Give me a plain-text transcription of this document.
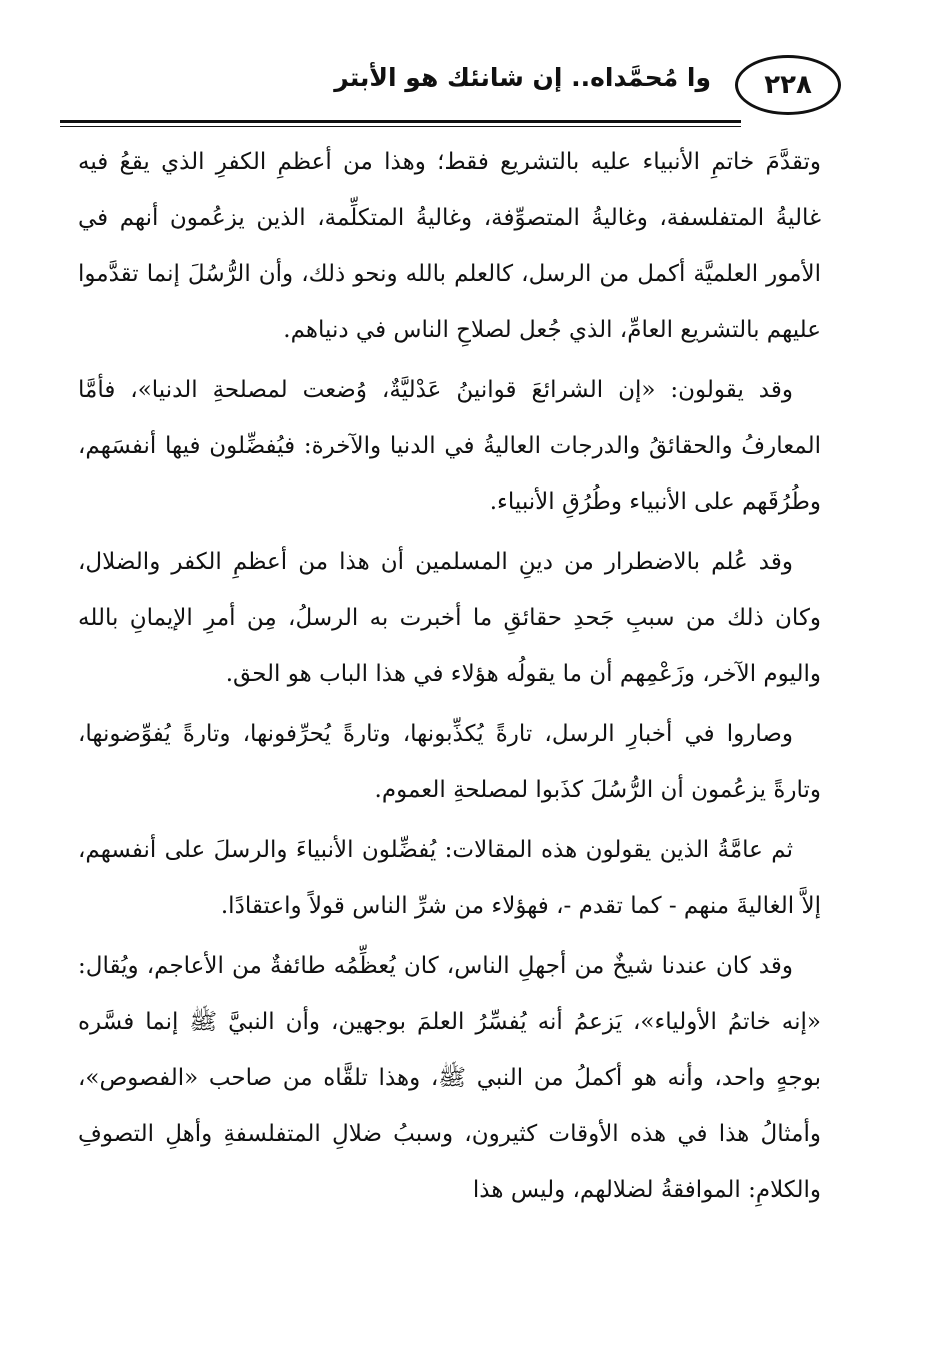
٢٢٨
وا مُحمَّداه.. إن شانئك هو الأبتر

وتقدَّمَ خاتمِ الأنبياء عليه بالتشريع فقط؛ وهذا من أعظمِ الكفرِ الذي يقعُ فيه غاليةُ المتفلسفة، وغاليةُ المتصوِّفة، وغاليةُ المتكلِّمة، الذين يزعُمون أنهم في الأمور العلميَّة أكمل من الرسل، كالعلم بالله ونحو ذلك، وأن الرُّسُلَ إنما تقدَّموا عليهم بالتشريع العامِّ، الذي جُعل لصلاحِ الناس في دنياهم.

وقد يقولون: «إن الشرائعَ قوانينُ عَدْليَّةٌ، وُضعت لمصلحةِ الدنيا»، فأمَّا المعارفُ والحقائقُ والدرجات العاليةُ في الدنيا والآخرة: فيُفضِّلون فيها أنفسَهم، وطُرُقَهم على الأنبياء وطُرُقِ الأنبياء.

وقد عُلم بالاضطرار من دينِ المسلمين أن هذا من أعظمِ الكفر والضلال، وكان ذلك من سببِ جَحدِ حقائقِ ما أخبرت به الرسلُ، مِن أمرِ الإيمانِ بالله واليوم الآخر، وزَعْمِهم أن ما يقولُه هؤلاء في هذا الباب هو الحق.

وصاروا في أخبارِ الرسل، تارةً يُكذِّبونها، وتارةً يُحرِّفونها، وتارةً يُفوِّضونها، وتارةً يزعُمون أن الرُّسُلَ كذَبوا لمصلحةِ العموم.

ثم عامَّةُ الذين يقولون هذه المقالات: يُفضِّلون الأنبياءَ والرسلَ على أنفسهم، إلاَّ الغاليةَ منهم - كما تقدم -، فهؤلاء من شرِّ الناس قولاً واعتقادًا.

وقد كان عندنا شيخٌ من أجهلِ الناس، كان يُعظِّمُه طائفةٌ من الأعاجم، ويُقال: «إنه خاتمُ الأولياء»، يَزعمُ أنه يُفسِّرُ العلمَ بوجهين، وأن النبيَّ ﷺ إنما فسَّره بوجهٍ واحد، وأنه هو أكملُ من النبي ﷺ، وهذا تلقَّاه من صاحب «الفصوص»، وأمثالُ هذا في هذه الأوقات كثيرون، وسببُ ضلالِ المتفلسفةِ وأهلِ التصوفِ والكلامِ: الموافقةُ لضلالهم، وليس هذا
